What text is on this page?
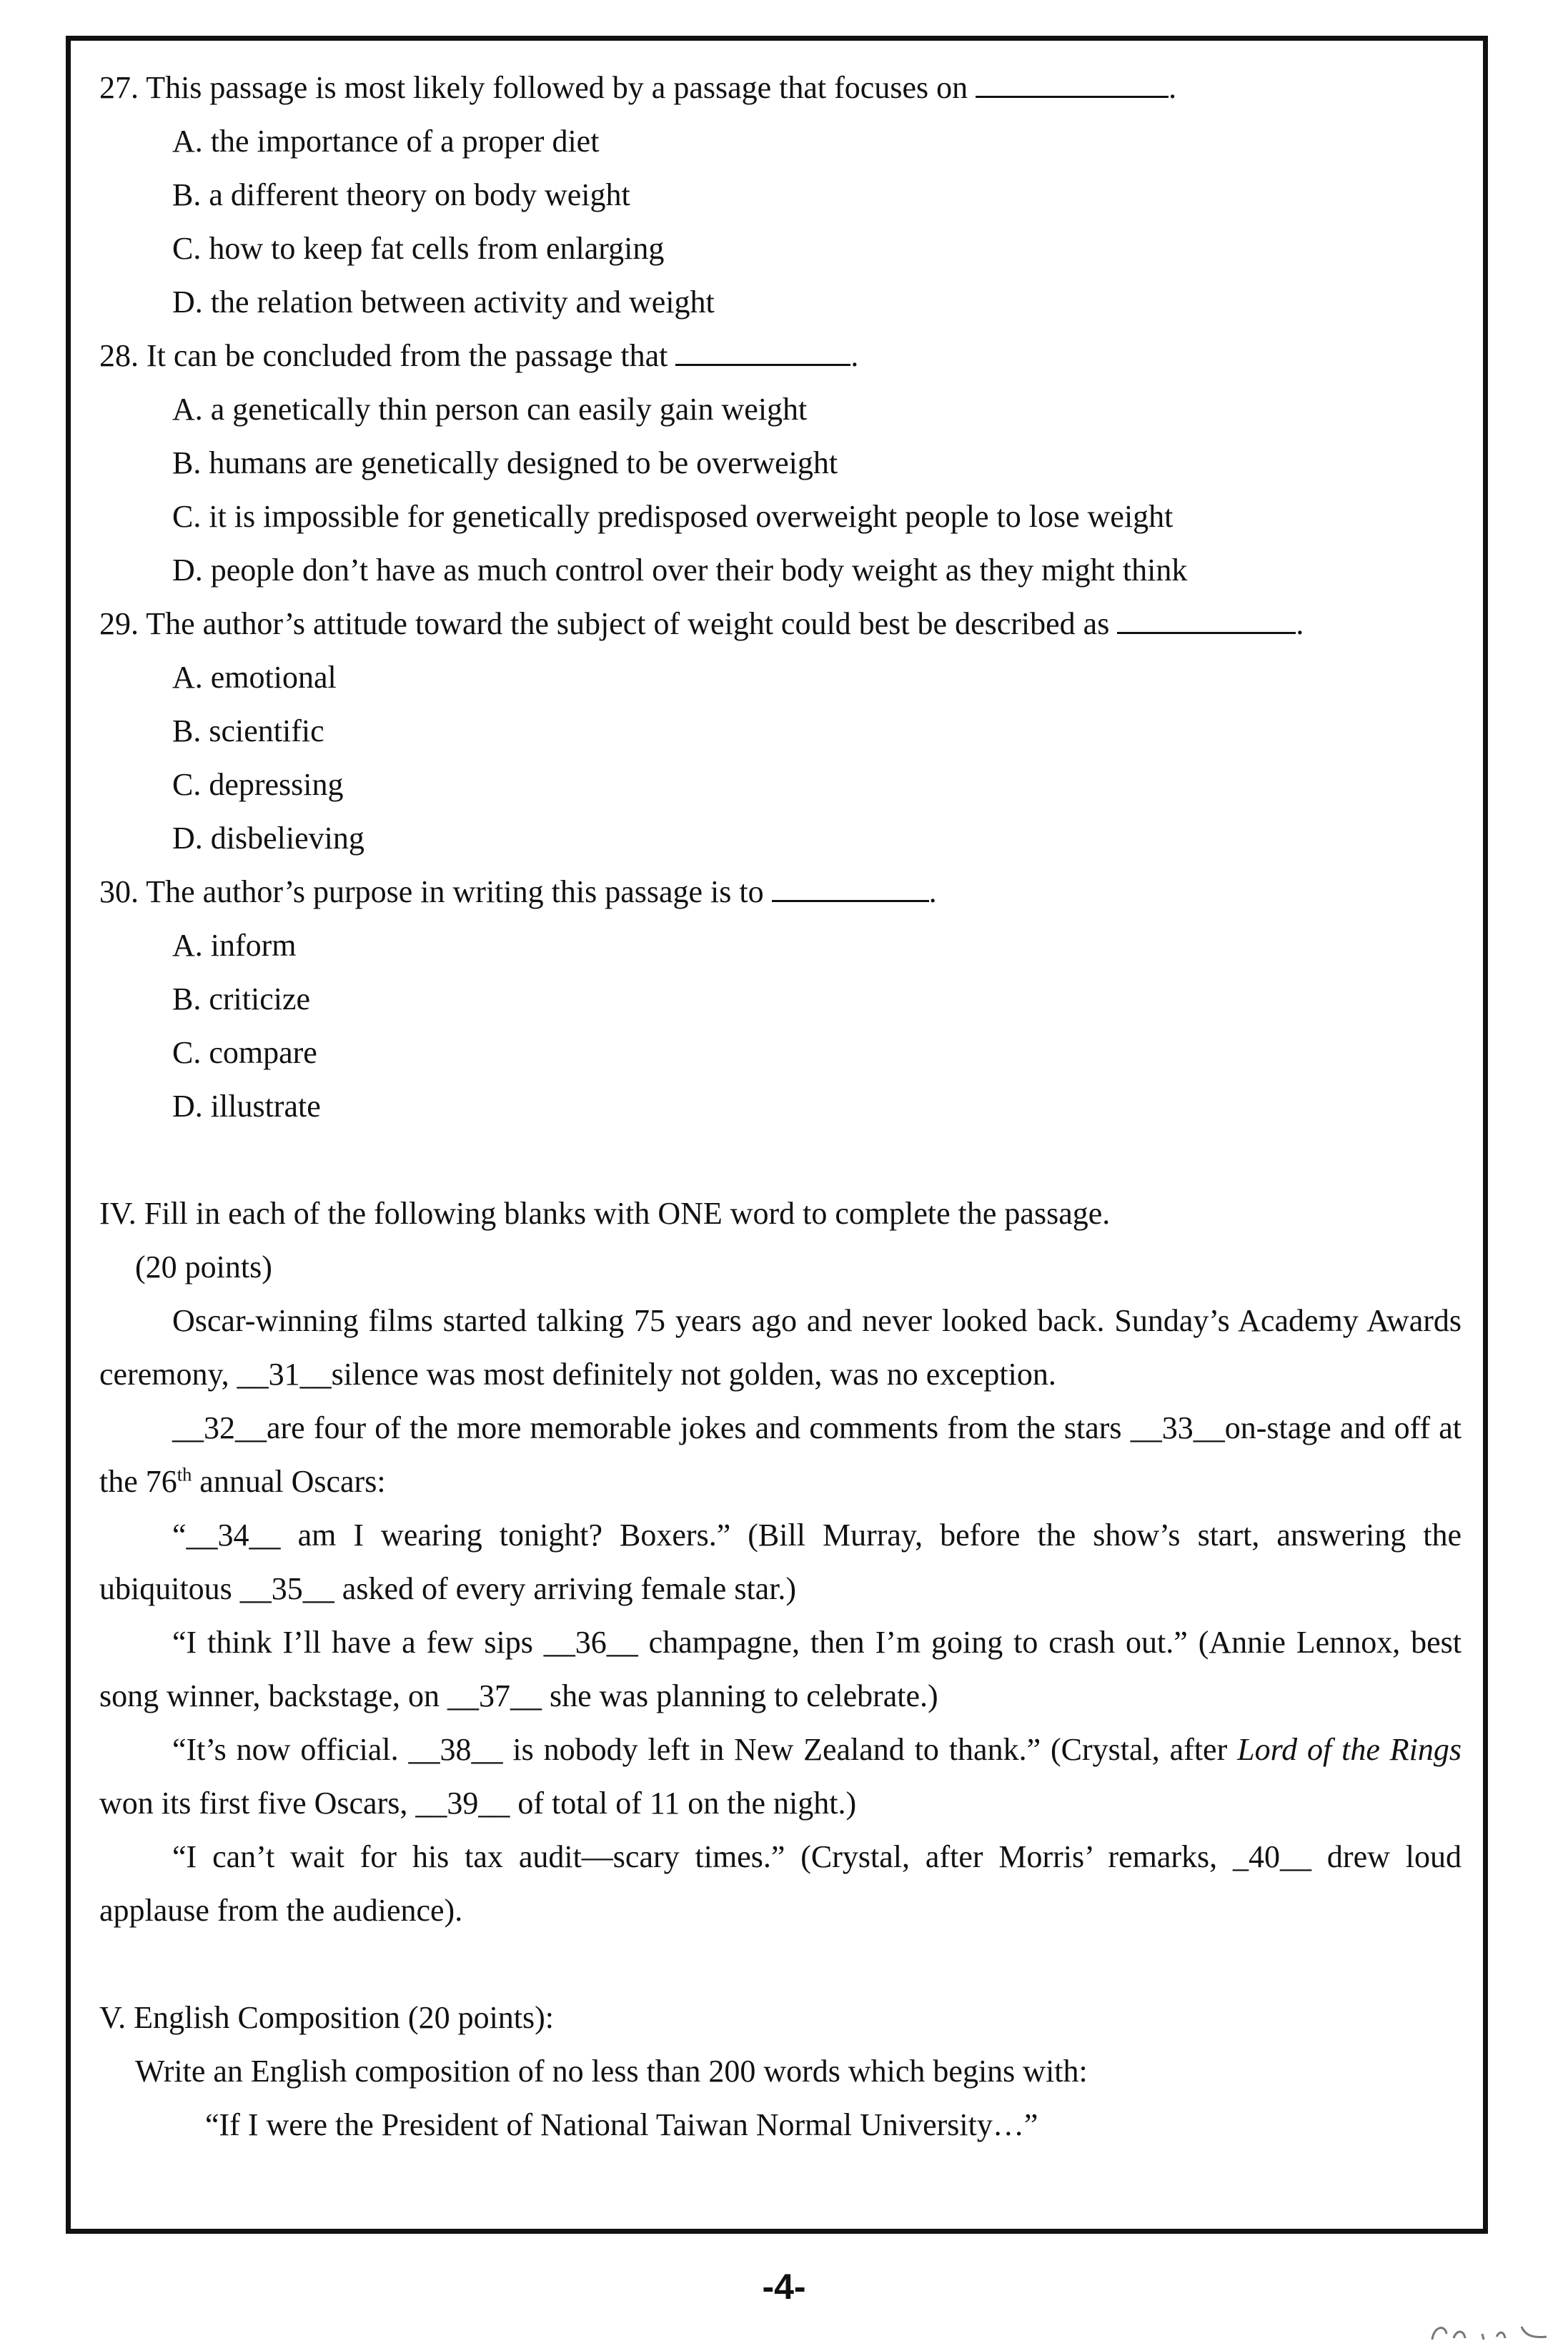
27. This passage is most likely followed by a passage that focuses on	.
A. the importance of a proper diet
B. a different theory on body weight
C. how to keep fat cells from enlarging
D. the relation between activity and weight
28. It can be concluded from the passage that	.
A. a genetically thin person can easily gain weight
B. humans are genetically designed to be overweight
C. it is impossible for genetically predisposed overweight people to lose weight
D. people don’t have as much control over their body weight as they might think
29. The author’s attitude toward the subject of weight could best be described as	.
A. emotional
B. scientific
C. depressing
D. disbelieving
30. The author’s purpose in writing this passage is to	.
A. inform
B. criticize
C. compare
D. illustrate
IV. Fill in each of the following blanks with ONE word to complete the passage.
(20 points)

Oscar-winning films started talking 75 years ago and never looked back. Sunday’s Academy Awards ceremony, __31__silence was most definitely not golden, was no exception.

__32__are four of the more memorable jokes and comments from the stars __33__on-stage and off at the 76th annual Oscars:

“__34__ am I wearing tonight? Boxers.” (Bill Murray, before the show’s start, answering the ubiquitous __35__ asked of every arriving female star.)

“I think I’ll have a few sips __36__ champagne, then I’m going to crash out.” (Annie Lennox, best song winner, backstage, on __37__ she was planning to celebrate.)

“It’s now official. __38__ is nobody left in New Zealand to thank.” (Crystal, after Lord of the Rings won its first five Oscars, __39__ of total of 11 on the night.)

“I can’t wait for his tax audit—scary times.” (Crystal, after Morris’ remarks, _40__ drew loud applause from the audience).

V. English Composition (20 points):
Write an English composition of no less than 200 words which begins with:
“If I were the President of National Taiwan Normal University…”
-4-
